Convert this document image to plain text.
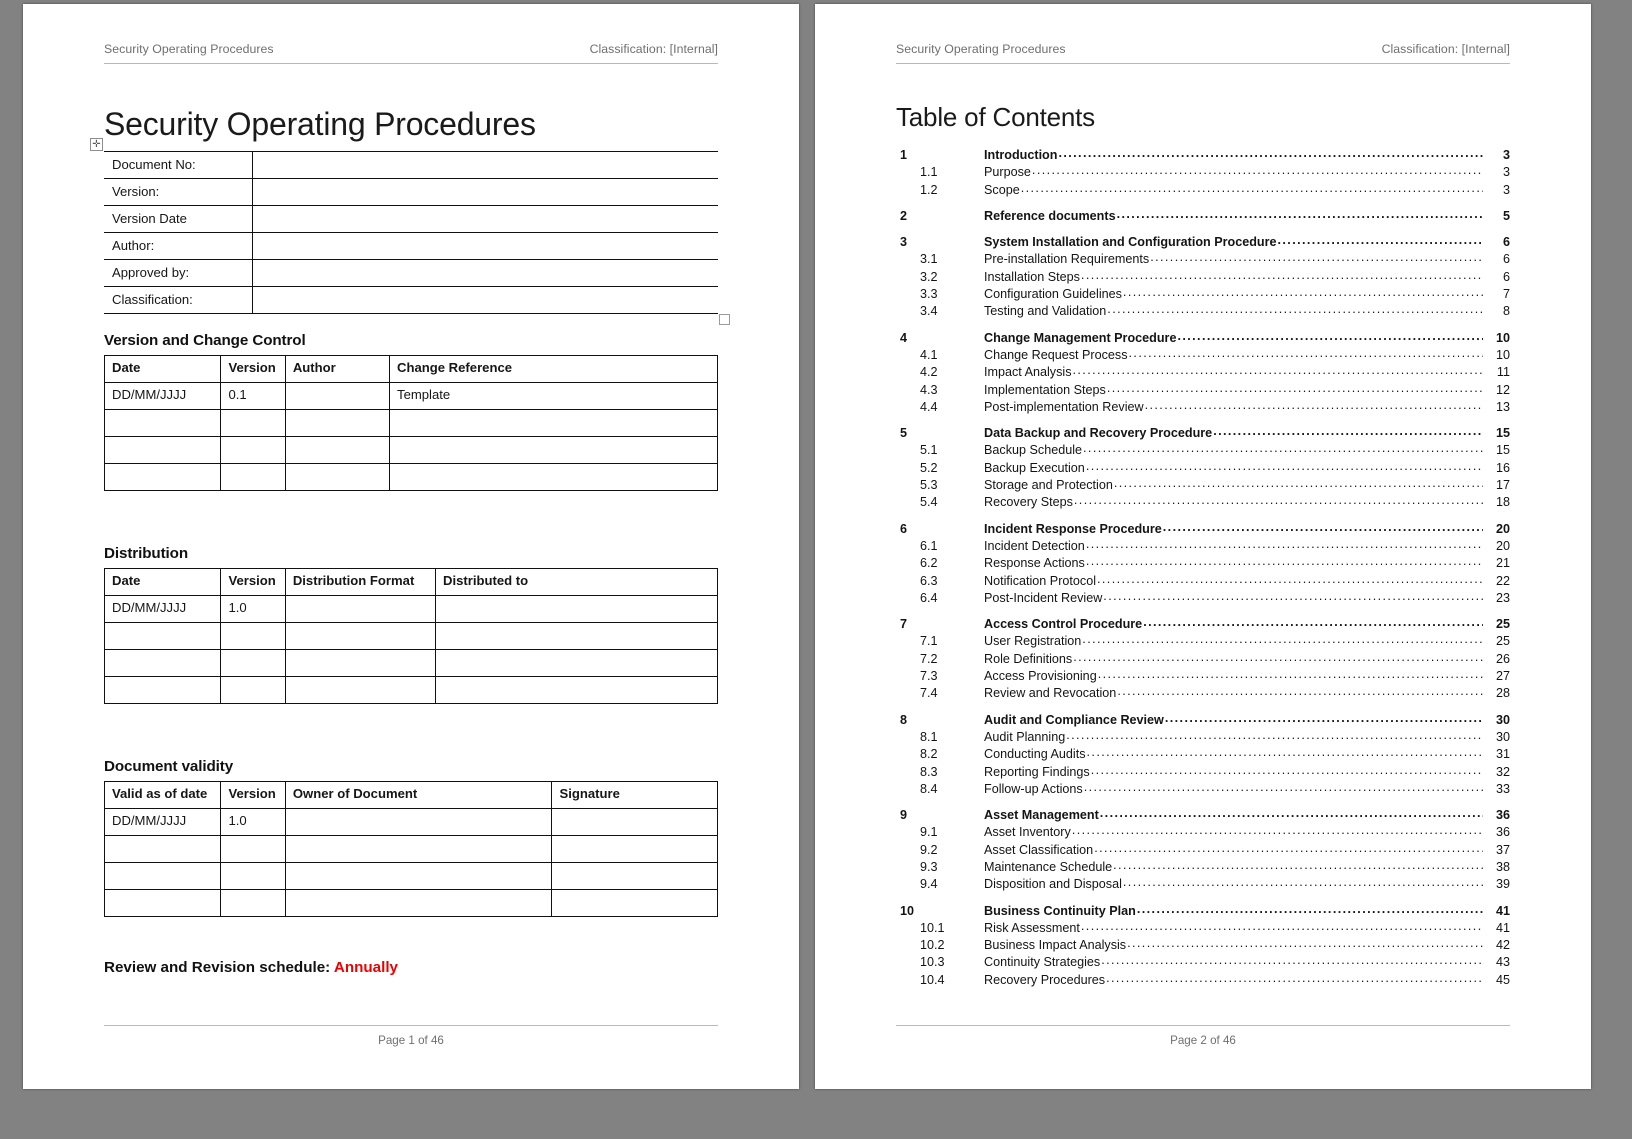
Security Operating Procedures	Classification: [Internal]
Security Operating Procedures
✛
Document No:	
Version:	
Version Date	
Author:	
Approved by:	
Classification:	
Version and Change Control
Date	Version	Author	Change Reference
DD/MM/JJJJ	0.1		Template

Distribution
Date	Version	Distribution Format	Distributed to
DD/MM/JJJJ	1.0		

Document validity
Valid as of date	Version	Owner of Document	Signature
DD/MM/JJJJ	1.0		

Review and Revision schedule: Annually

Page 1 of 46
Security Operating Procedures	Classification: [Internal]
Table of Contents
1	Introduction .....	3
1.1	Purpose .....	3
1.2	Scope .....	3
2	Reference documents .....	5
3	System Installation and Configuration Procedure .....	6
3.1	Pre-installation Requirements .....	6
3.2	Installation Steps .....	6
3.3	Configuration Guidelines .....	7
3.4	Testing and Validation .....	8
4	Change Management Procedure .....	10
4.1	Change Request Process .....	10
4.2	Impact Analysis .....	11
4.3	Implementation Steps .....	12
4.4	Post-implementation Review .....	13
5	Data Backup and Recovery Procedure .....	15
5.1	Backup Schedule .....	15
5.2	Backup Execution .....	16
5.3	Storage and Protection .....	17
5.4	Recovery Steps .....	18
6	Incident Response Procedure .....	20
6.1	Incident Detection .....	20
6.2	Response Actions .....	21
6.3	Notification Protocol .....	22
6.4	Post-Incident Review .....	23
7	Access Control Procedure .....	25
7.1	User Registration .....	25
7.2	Role Definitions .....	26
7.3	Access Provisioning .....	27
7.4	Review and Revocation .....	28
8	Audit and Compliance Review .....	30
8.1	Audit Planning .....	30
8.2	Conducting Audits .....	31
8.3	Reporting Findings .....	32
8.4	Follow-up Actions .....	33
9	Asset Management .....	36
9.1	Asset Inventory .....	36
9.2	Asset Classification .....	37
9.3	Maintenance Schedule .....	38
9.4	Disposition and Disposal .....	39
10	Business Continuity Plan .....	41
10.1	Risk Assessment .....	41
10.2	Business Impact Analysis .....	42
10.3	Continuity Strategies .....	43
10.4	Recovery Procedures .....	45
Page 2 of 46
